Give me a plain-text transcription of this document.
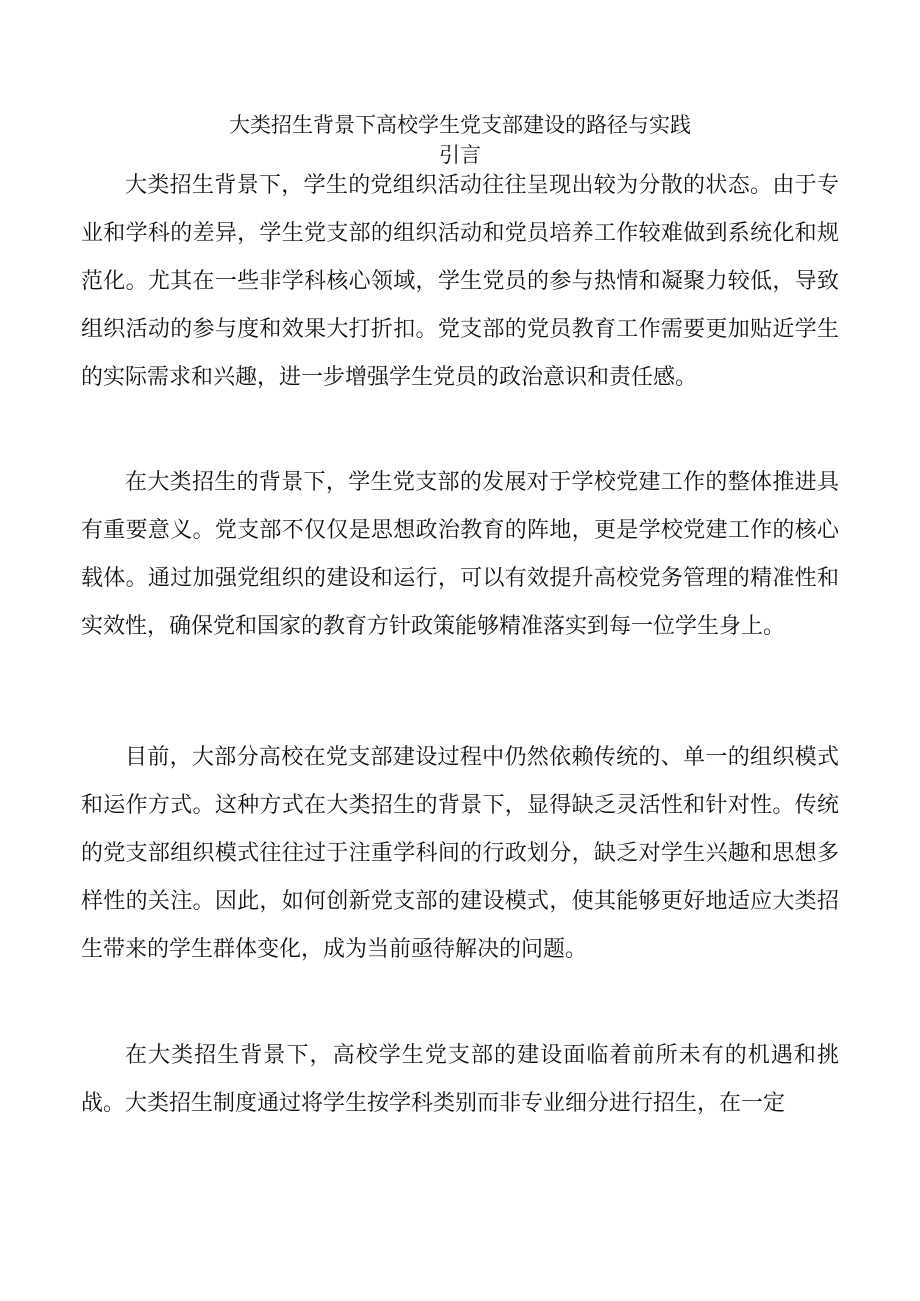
大类招生背景下高校学生党支部建设的路径与实践
引言

大类招生背景下，学生的党组织活动往往呈现出较为分散的状态。由于专业和学科的差异，学生党支部的组织活动和党员培养工作较难做到系统化和规范化。尤其在一些非学科核心领域，学生党员的参与热情和凝聚力较低，导致组织活动的参与度和效果大打折扣。党支部的党员教育工作需要更加贴近学生的实际需求和兴趣，进一步增强学生党员的政治意识和责任感。

在大类招生的背景下，学生党支部的发展对于学校党建工作的整体推进具有重要意义。党支部不仅仅是思想政治教育的阵地，更是学校党建工作的核心载体。通过加强党组织的建设和运行，可以有效提升高校党务管理的精准性和实效性，确保党和国家的教育方针政策能够精准落实到每一位学生身上。

目前，大部分高校在党支部建设过程中仍然依赖传统的、单一的组织模式和运作方式。这种方式在大类招生的背景下，显得缺乏灵活性和针对性。传统的党支部组织模式往往过于注重学科间的行政划分，缺乏对学生兴趣和思想多样性的关注。因此，如何创新党支部的建设模式，使其能够更好地适应大类招生带来的学生群体变化，成为当前亟待解决的问题。

在大类招生背景下，高校学生党支部的建设面临着前所未有的机遇和挑战。大类招生制度通过将学生按学科类别而非专业细分进行招生，在一定
